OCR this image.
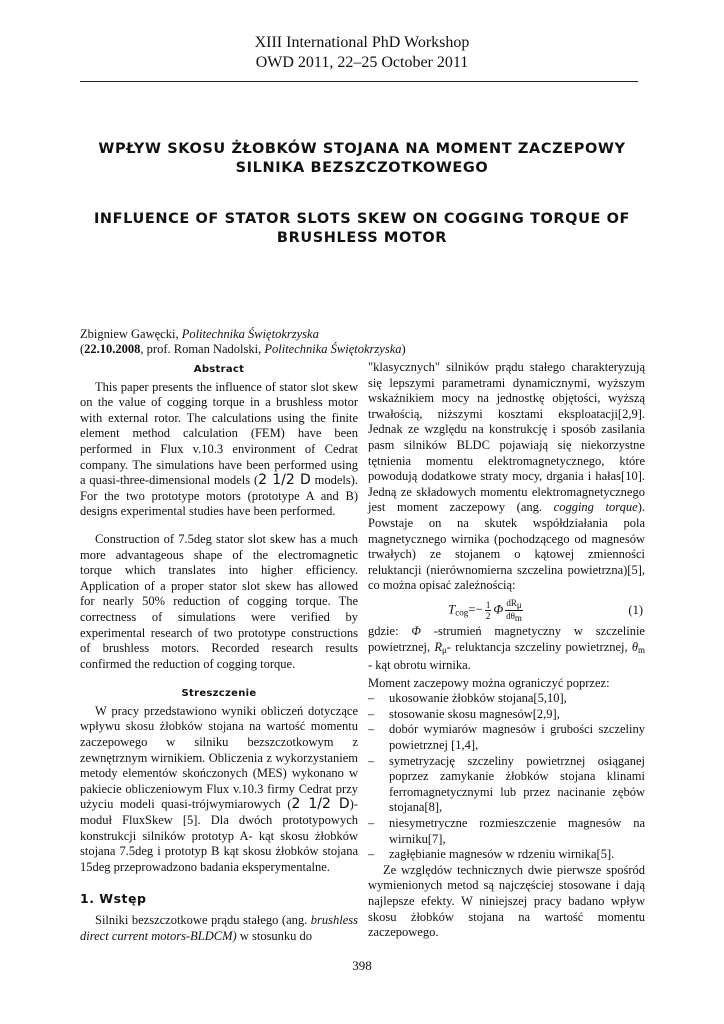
XIII International PhD Workshop
OWD 2011, 22–25 October 2011
WPŁYW SKOSU ŻŁOBKÓW STOJANA NA MOMENT ZACZEPOWY SILNIKA BEZSZCZOTKOWEGO
INFLUENCE OF STATOR SLOTS SKEW ON COGGING TORQUE OF BRUSHLESS MOTOR
Zbigniew Gawęcki, Politechnika Świętokrzyska
(22.10.2008, prof. Roman Nadolski, Politechnika Świętokrzyska)
Abstract

This paper presents the influence of stator slot skew on the value of cogging torque in a brushless motor with external rotor. The calculations using the finite element method calculation (FEM) have been performed in Flux v.10.3 environment of Cedrat company. The simulations have been performed using a quasi-three-dimensional models (2 1/2 D models). For the two prototype motors (prototype A and B) designs experimental studies have been performed.

Construction of 7.5deg stator slot skew has a much more advantageous shape of the electromagnetic torque which translates into higher efficiency. Application of a proper stator slot skew has allowed for nearly 50% reduction of cogging torque. The correctness of simulations were verified by experimental research of two prototype constructions of brushless motors. Recorded research results confirmed the reduction of cogging torque.

Streszczenie

W pracy przedstawiono wyniki obliczeń dotyczące wpływu skosu żłobków stojana na wartość momentu zaczepowego w silniku bezszczotkowym z zewnętrznym wirnikiem. Obliczenia z wykorzystaniem metody elementów skończonych (MES) wykonano w pakiecie obliczeniowym Flux v.10.3 firmy Cedrat przy użyciu modeli quasi-trójwymiarowych (2 1/2 D)- moduł FluxSkew [5]. Dla dwóch prototypowych konstrukcji silników prototyp A- kąt skosu żłobków stojana 7.5deg i prototyp B kąt skosu żłobków stojana 15deg przeprowadzono badania eksperymentalne.

1. Wstęp

Silniki bezszczotkowe prądu stałego (ang. brushless direct current motors-BLDCM) w stosunku do

"klasycznych" silników prądu stałego charakteryzują się lepszymi parametrami dynamicznymi, wyższym wskaźnikiem mocy na jednostkę objętości, wyższą trwałością, niższymi kosztami eksploatacji[2,9]. Jednak ze względu na konstrukcję i sposób zasilania pasm silników BLDC pojawiają się niekorzystne tętnienia momentu elektromagnetycznego, które powodują dodatkowe straty mocy, drgania i hałas[10]. Jedną ze składowych momentu elektromagnetycznego jest moment zaczepowy (ang. cogging torque). Powstaje on na skutek współdziałania pola magnetycznego wirnika (pochodzącego od magnesów trwałych) ze stojanem o kątowej zmienności reluktancji (nierównomierna szczelina powietrzna)[5], co można opisać zależnością:

$T_{cog}=- \frac{1}{2}$ Φ $\frac{\text{dRμ}}{\text{dθm}}$	(1)

gdzie: Φ -strumień magnetyczny w szczelinie powietrznej, $R_\mu-$ reluktancja szczeliny powietrznej, $\theta_m$ - kąt obrotu wirnika.

Moment zaczepowy można ograniczyć poprzez:

– ukosowanie żłobków stojana[5,10],
– stosowanie skosu magnesów[2,9],
– dobór wymiarów magnesów i grubości szczeliny powietrznej [1,4],
– symetryzację szczeliny powietrznej osiąganej poprzez zamykanie żłobków stojana klinami ferromagnetycznymi lub przez nacinanie zębów stojana[8],
– niesymetryczne rozmieszczenie magnesów na wirniku[7],
– zagłębianie magnesów w rdzeniu wirnika[5].

Ze względów technicznych dwie pierwsze spośród wymienionych metod są najczęściej stosowane i dają najlepsze efekty. W niniejszej pracy badano wpływ skosu żłobków stojana na wartość momentu zaczepowego.

398
